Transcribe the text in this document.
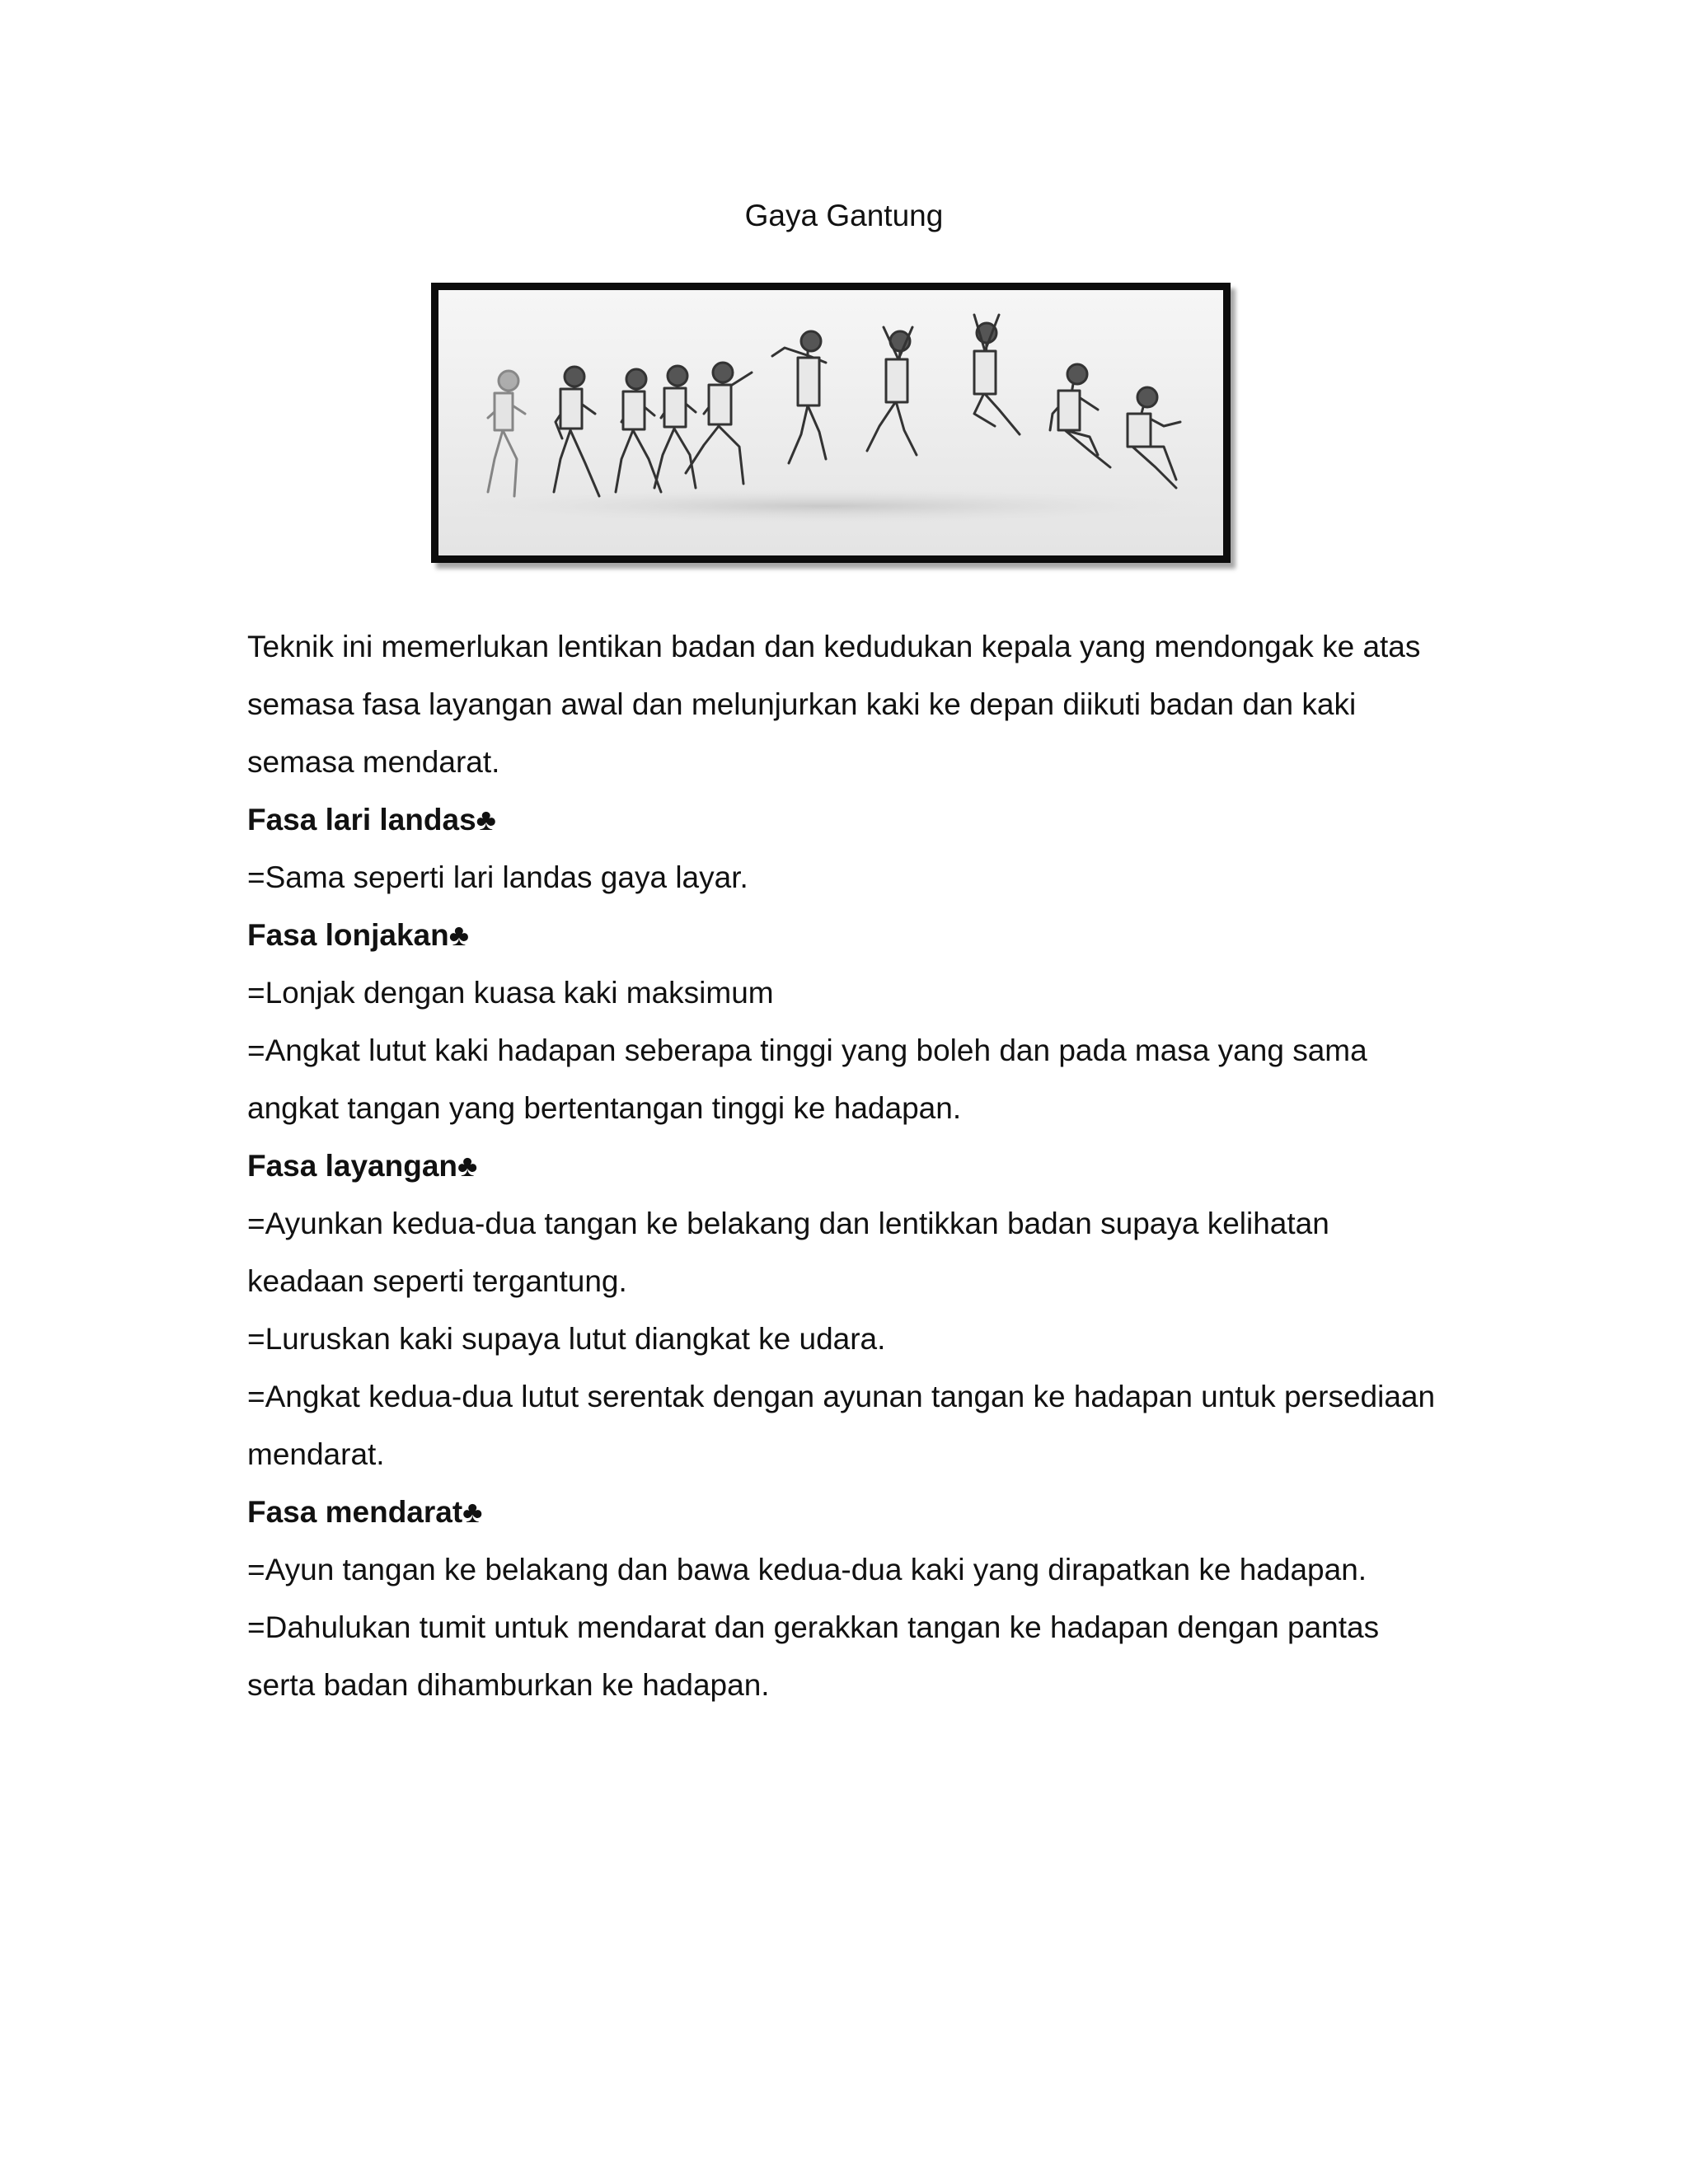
Gaya Gantung

Teknik ini memerlukan lentikan badan dan kedudukan kepala yang mendongak ke atas semasa fasa layangan awal dan melunjurkan kaki ke depan diikuti badan dan kaki semasa mendarat.

Fasa lari landas♣

=Sama seperti lari landas gaya layar.

Fasa lonjakan♣

=Lonjak dengan kuasa kaki maksimum

=Angkat lutut kaki hadapan seberapa tinggi yang boleh dan pada masa yang sama angkat tangan yang bertentangan tinggi ke hadapan.

Fasa layangan♣

=Ayunkan kedua-dua tangan ke belakang dan lentikkan badan supaya kelihatan keadaan seperti tergantung.

=Luruskan kaki supaya lutut diangkat ke udara.

=Angkat kedua-dua lutut serentak dengan ayunan tangan ke hadapan untuk persediaan mendarat.

Fasa mendarat♣

=Ayun tangan ke belakang dan bawa kedua-dua kaki yang dirapatkan ke hadapan.

=Dahulukan tumit untuk mendarat dan gerakkan tangan ke hadapan dengan pantas serta badan dihamburkan ke hadapan.
